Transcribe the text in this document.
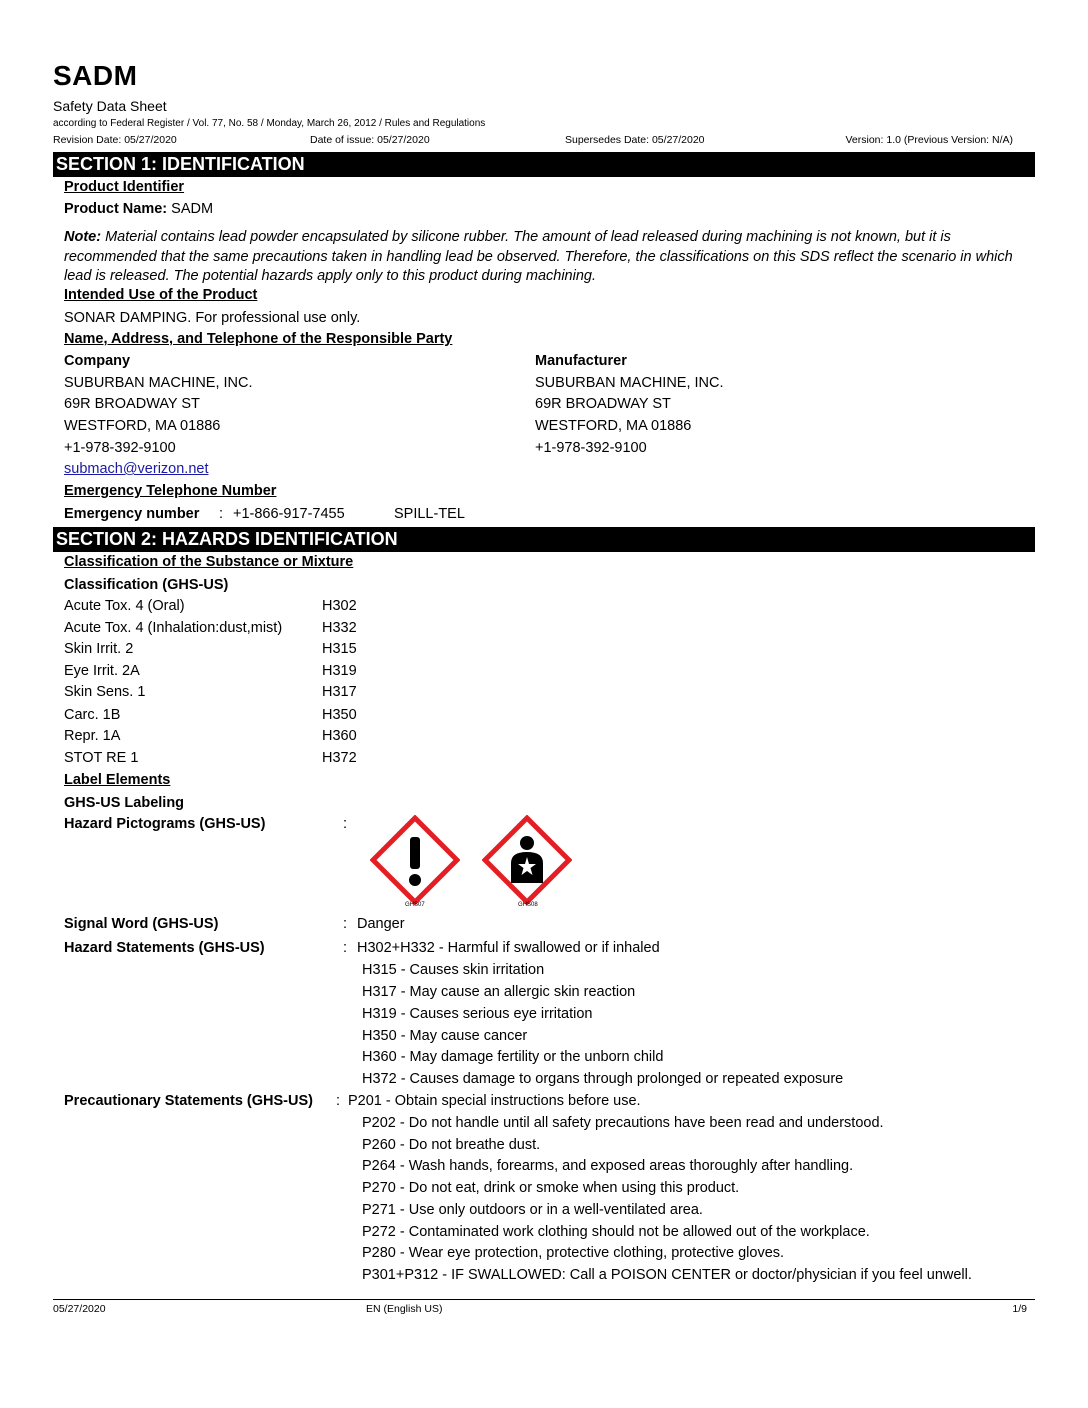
SADM
Safety Data Sheet
according to Federal Register / Vol. 77, No. 58 / Monday, March 26, 2012 / Rules and Regulations
Revision Date: 05/27/2020	Date of issue: 05/27/2020	Supersedes Date: 05/27/2020	Version: 1.0 (Previous Version: N/A)
SECTION 1: IDENTIFICATION
Product Identifier
Product Name: SADM
Note: Material contains lead powder encapsulated by silicone rubber. The amount of lead released during machining is not known, but it is recommended that the same precautions taken in handling lead be observed. Therefore, the classifications on this SDS reflect the scenario in which lead is released. The potential hazards apply only to this product during machining.
Intended Use of the Product
SONAR DAMPING. For professional use only.
Name, Address, and Telephone of the Responsible Party
Company
SUBURBAN MACHINE, INC.
69R BROADWAY ST
WESTFORD, MA 01886
+1-978-392-9100
submach@verizon.net
Manufacturer
SUBURBAN MACHINE, INC.
69R BROADWAY ST
WESTFORD, MA 01886
+1-978-392-9100
Emergency Telephone Number
Emergency number : +1-866-917-7455	SPILL-TEL
SECTION 2: HAZARDS IDENTIFICATION
Classification of the Substance or Mixture
Classification (GHS-US)
Acute Tox. 4 (Oral)	H302
Acute Tox. 4 (Inhalation:dust,mist)	H332
Skin Irrit. 2	H315
Eye Irrit. 2A	H319
Skin Sens. 1	H317
Carc. 1B	H350
Repr. 1A	H360
STOT RE 1	H372
Label Elements
GHS-US Labeling
Hazard Pictograms (GHS-US)	:
GHS07	GHS08
Signal Word (GHS-US)	: Danger
Hazard Statements (GHS-US)	: H302+H332 - Harmful if swallowed or if inhaled
H315 - Causes skin irritation
H317 - May cause an allergic skin reaction
H319 - Causes serious eye irritation
H350 - May cause cancer
H360 - May damage fertility or the unborn child
H372 - Causes damage to organs through prolonged or repeated exposure
Precautionary Statements (GHS-US) : P201 - Obtain special instructions before use.
P202 - Do not handle until all safety precautions have been read and understood.
P260 - Do not breathe dust.
P264 - Wash hands, forearms, and exposed areas thoroughly after handling.
P270 - Do not eat, drink or smoke when using this product.
P271 - Use only outdoors or in a well-ventilated area.
P272 - Contaminated work clothing should not be allowed out of the workplace.
P280 - Wear eye protection, protective clothing, protective gloves.
P301+P312 - IF SWALLOWED: Call a POISON CENTER or doctor/physician if you feel unwell.
05/27/2020	EN (English US)	1/9
